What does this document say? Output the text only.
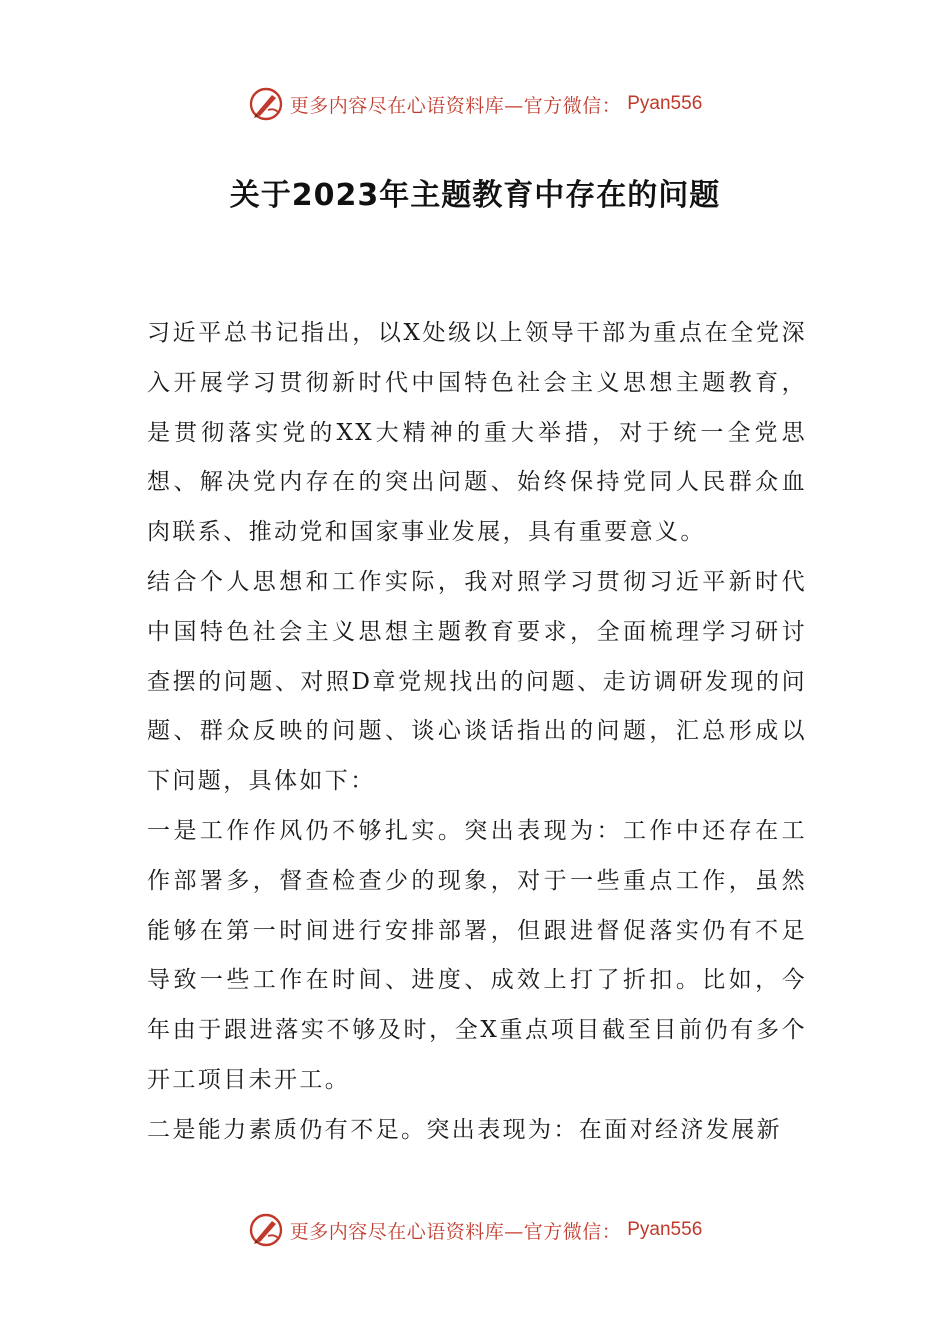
更多内容尽在心语资料库—官方微信： Pyan556
关于2023年主题教育中存在的问题

习近平总书记指出，以X处级以上领导干部为重点在全党深入开展学习贯彻新时代中国特色社会主义思想主题教育，是贯彻落实党的XX大精神的重大举措，对于统一全党思想、解决党内存在的突出问题、始终保持党同人民群众血肉联系、推动党和国家事业发展，具有重要意义。

结合个人思想和工作实际，我对照学习贯彻习近平新时代中国特色社会主义思想主题教育要求，全面梳理学习研讨查摆的问题、对照D章党规找出的问题、走访调研发现的问题、群众反映的问题、谈心谈话指出的问题，汇总形成以下问题，具体如下：

一是工作作风仍不够扎实。突出表现为：工作中还存在工作部署多，督查检查少的现象，对于一些重点工作，虽然能够在第一时间进行安排部署，但跟进督促落实仍有不足导致一些工作在时间、进度、成效上打了折扣。比如，今年由于跟进落实不够及时，全X重点项目截至目前仍有多个开工项目未开工。

二是能力素质仍有不足。突出表现为：在面对经济发展新

更多内容尽在心语资料库—官方微信： Pyan556
